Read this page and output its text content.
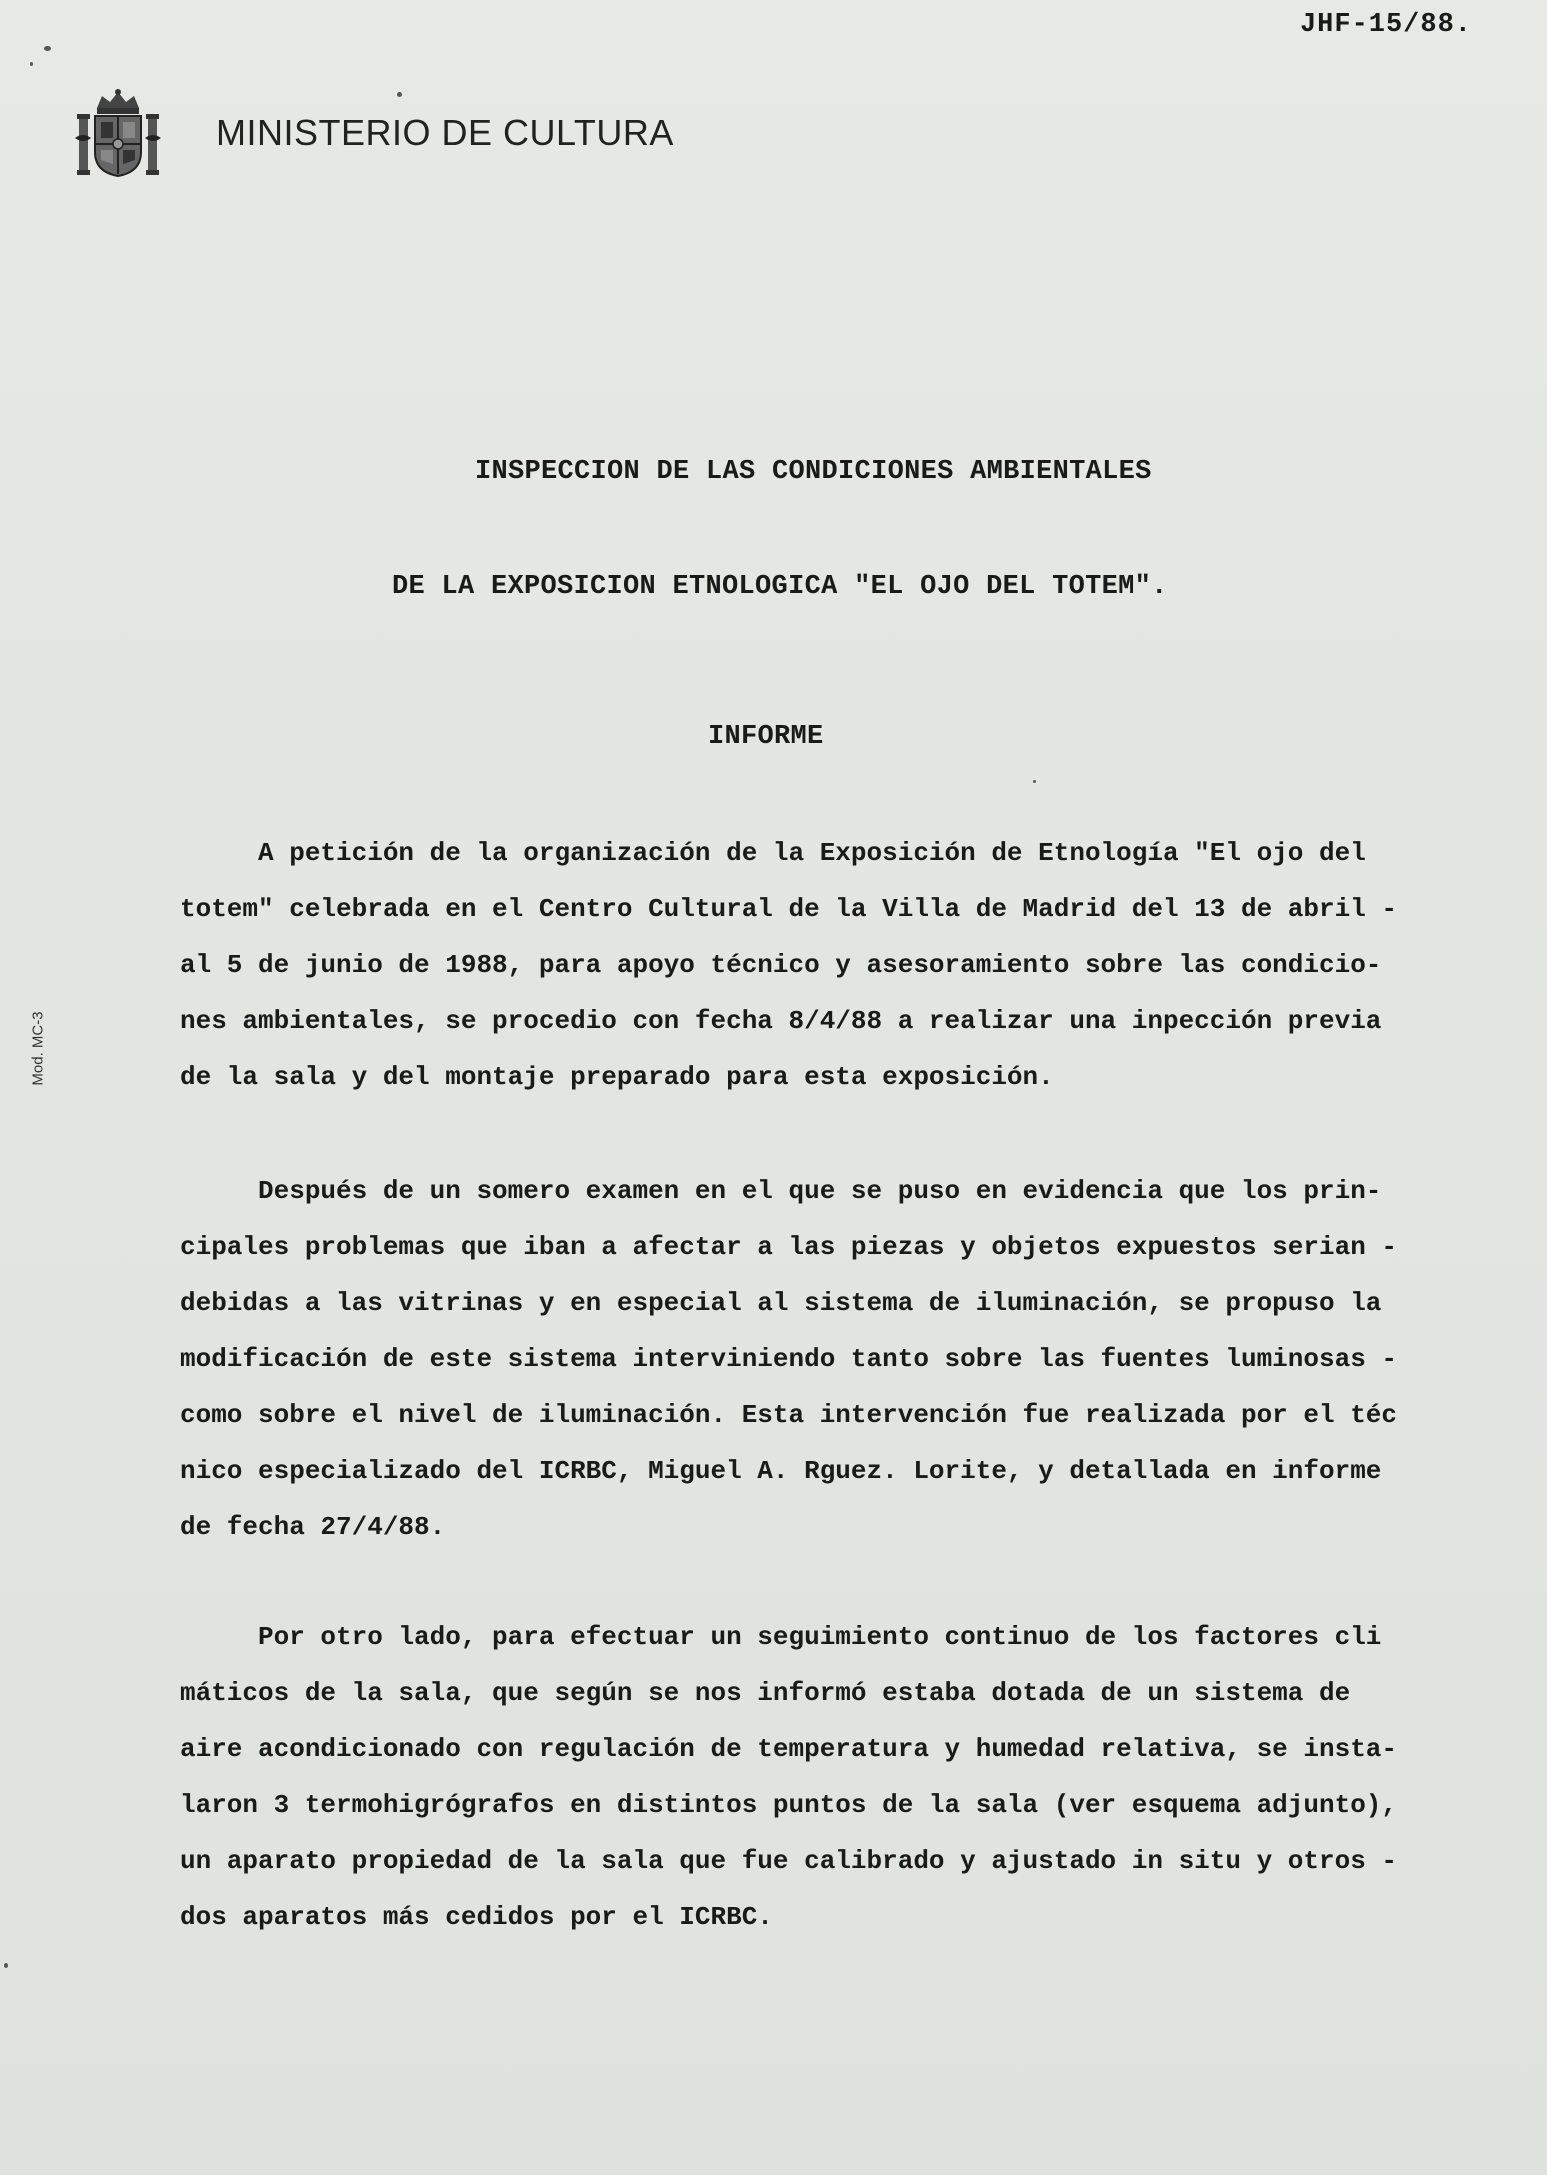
JHF-15/88.
MINISTERIO DE CULTURA
Mod. MC-3
INSPECCION DE LAS CONDICIONES AMBIENTALES
DE LA EXPOSICION ETNOLOGICA "EL OJO DEL TOTEM".
INFORME
A petición de la organización de la Exposición de Etnología "El ojo del
totem" celebrada en el Centro Cultural de la Villa de Madrid del 13 de abril -
al 5 de junio de 1988, para apoyo técnico y asesoramiento sobre las condicio-
nes ambientales, se procedio con fecha 8/4/88 a realizar una inpección previa
de la sala y del montaje preparado para esta exposición.
Después de un somero examen en el que se puso en evidencia que los prin-
cipales problemas que iban a afectar a las piezas y objetos expuestos serian -
debidas a las vitrinas y en especial al sistema de iluminación, se propuso la
modificación de este sistema interviniendo tanto sobre las fuentes luminosas -
como sobre el nivel de iluminación. Esta intervención fue realizada por el téc
nico especializado del ICRBC, Miguel A. Rguez. Lorite, y detallada en informe
de fecha 27/4/88.
Por otro lado, para efectuar un seguimiento continuo de los factores cli
máticos de la sala, que según se nos informó estaba dotada de un sistema de
aire acondicionado con regulación de temperatura y humedad relativa, se insta-
laron 3 termohigrógrafos en distintos puntos de la sala (ver esquema adjunto),
un aparato propiedad de la sala que fue calibrado y ajustado in situ y otros -
dos aparatos más cedidos por el ICRBC.
